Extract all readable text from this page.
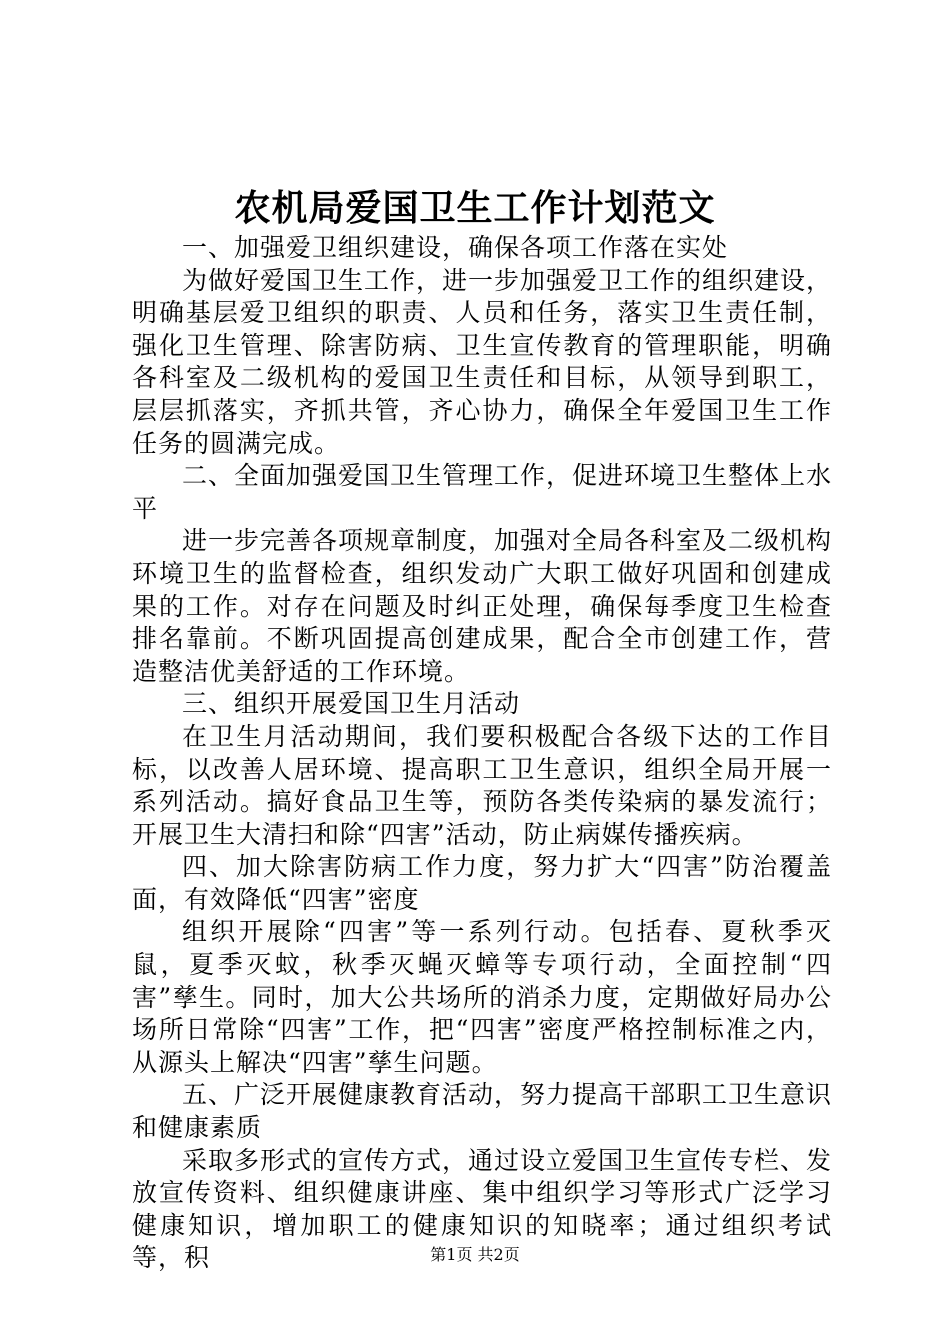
农机局爱国卫生工作计划范文

一、加强爱卫组织建设，确保各项工作落在实处

为做好爱国卫生工作，进一步加强爱卫工作的组织建设，明确基层爱卫组织的职责、人员和任务，落实卫生责任制，强化卫生管理、除害防病、卫生宣传教育的管理职能，明确各科室及二级机构的爱国卫生责任和目标，从领导到职工，层层抓落实，齐抓共管，齐心协力，确保全年爱国卫生工作任务的圆满完成。

二、全面加强爱国卫生管理工作，促进环境卫生整体上水平

进一步完善各项规章制度，加强对全局各科室及二级机构环境卫生的监督检查，组织发动广大职工做好巩固和创建成果的工作。对存在问题及时纠正处理，确保每季度卫生检查排名靠前。不断巩固提高创建成果，配合全市创建工作，营造整洁优美舒适的工作环境。

三、组织开展爱国卫生月活动

在卫生月活动期间，我们要积极配合各级下达的工作目标，以改善人居环境、提高职工卫生意识，组织全局开展一系列活动。搞好食品卫生等，预防各类传染病的暴发流行；开展卫生大清扫和除“四害”活动，防止病媒传播疾病。

四、加大除害防病工作力度，努力扩大“四害”防治覆盖面，有效降低“四害”密度

组织开展除“四害”等一系列行动。包括春、夏秋季灭鼠，夏季灭蚊，秋季灭蝇灭蟑等专项行动，全面控制“四害”孳生。同时，加大公共场所的消杀力度，定期做好局办公场所日常除“四害”工作，把“四害”密度严格控制标准之内，从源头上解决“四害”孳生问题。

五、广泛开展健康教育活动，努力提高干部职工卫生意识和健康素质

采取多形式的宣传方式，通过设立爱国卫生宣传专栏、发放宣传资料、组织健康讲座、集中组织学习等形式广泛学习健康知识，增加职工的健康知识的知晓率；通过组织考试等，积	第1页 共2页
